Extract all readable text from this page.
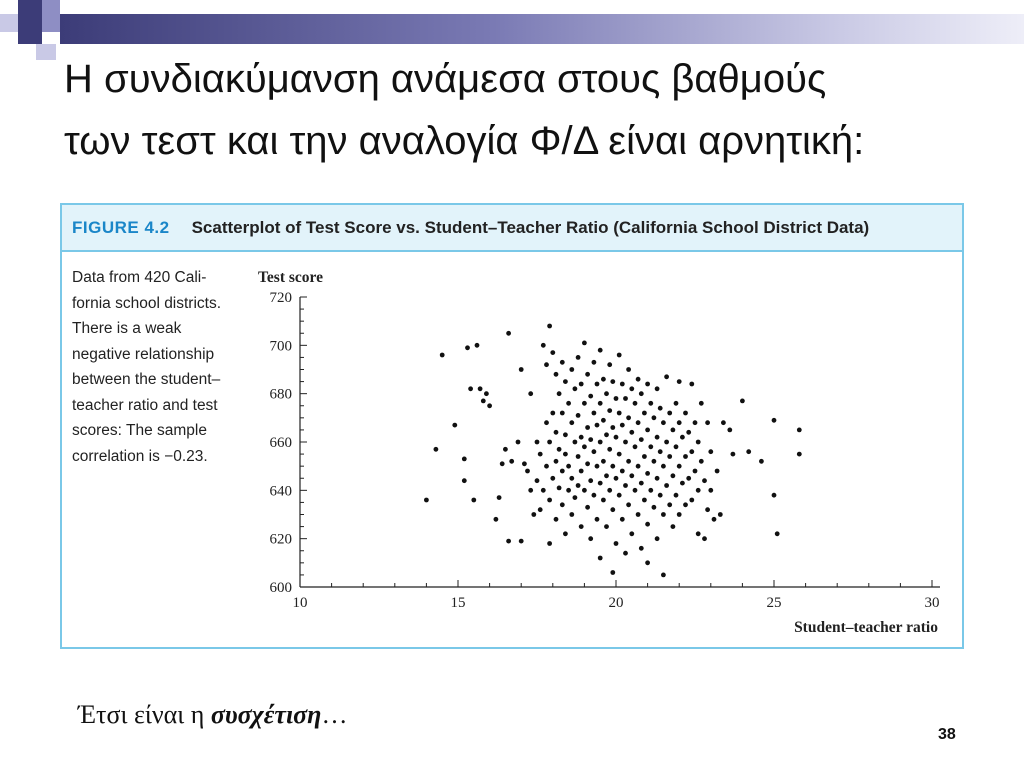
Η συνδιακύμανση ανάμεσα στους βαθμούς
των τεστ και την αναλογία Φ/Δ είναι αρνητική:
FIGURE 4.2 Scatterplot of Test Score vs. Student–Teacher Ratio (California School District Data)
Data from 420 Cali-
fornia school districts.
There is a weak
negative relationship
between the student–
teacher ratio and test
scores: The sample
correlation is −0.23.
10	15	20	25	30
600
620
640
660
680
700
720
Test score
Student–teacher ratio
Έτσι είναι η συσχέτιση…
38
